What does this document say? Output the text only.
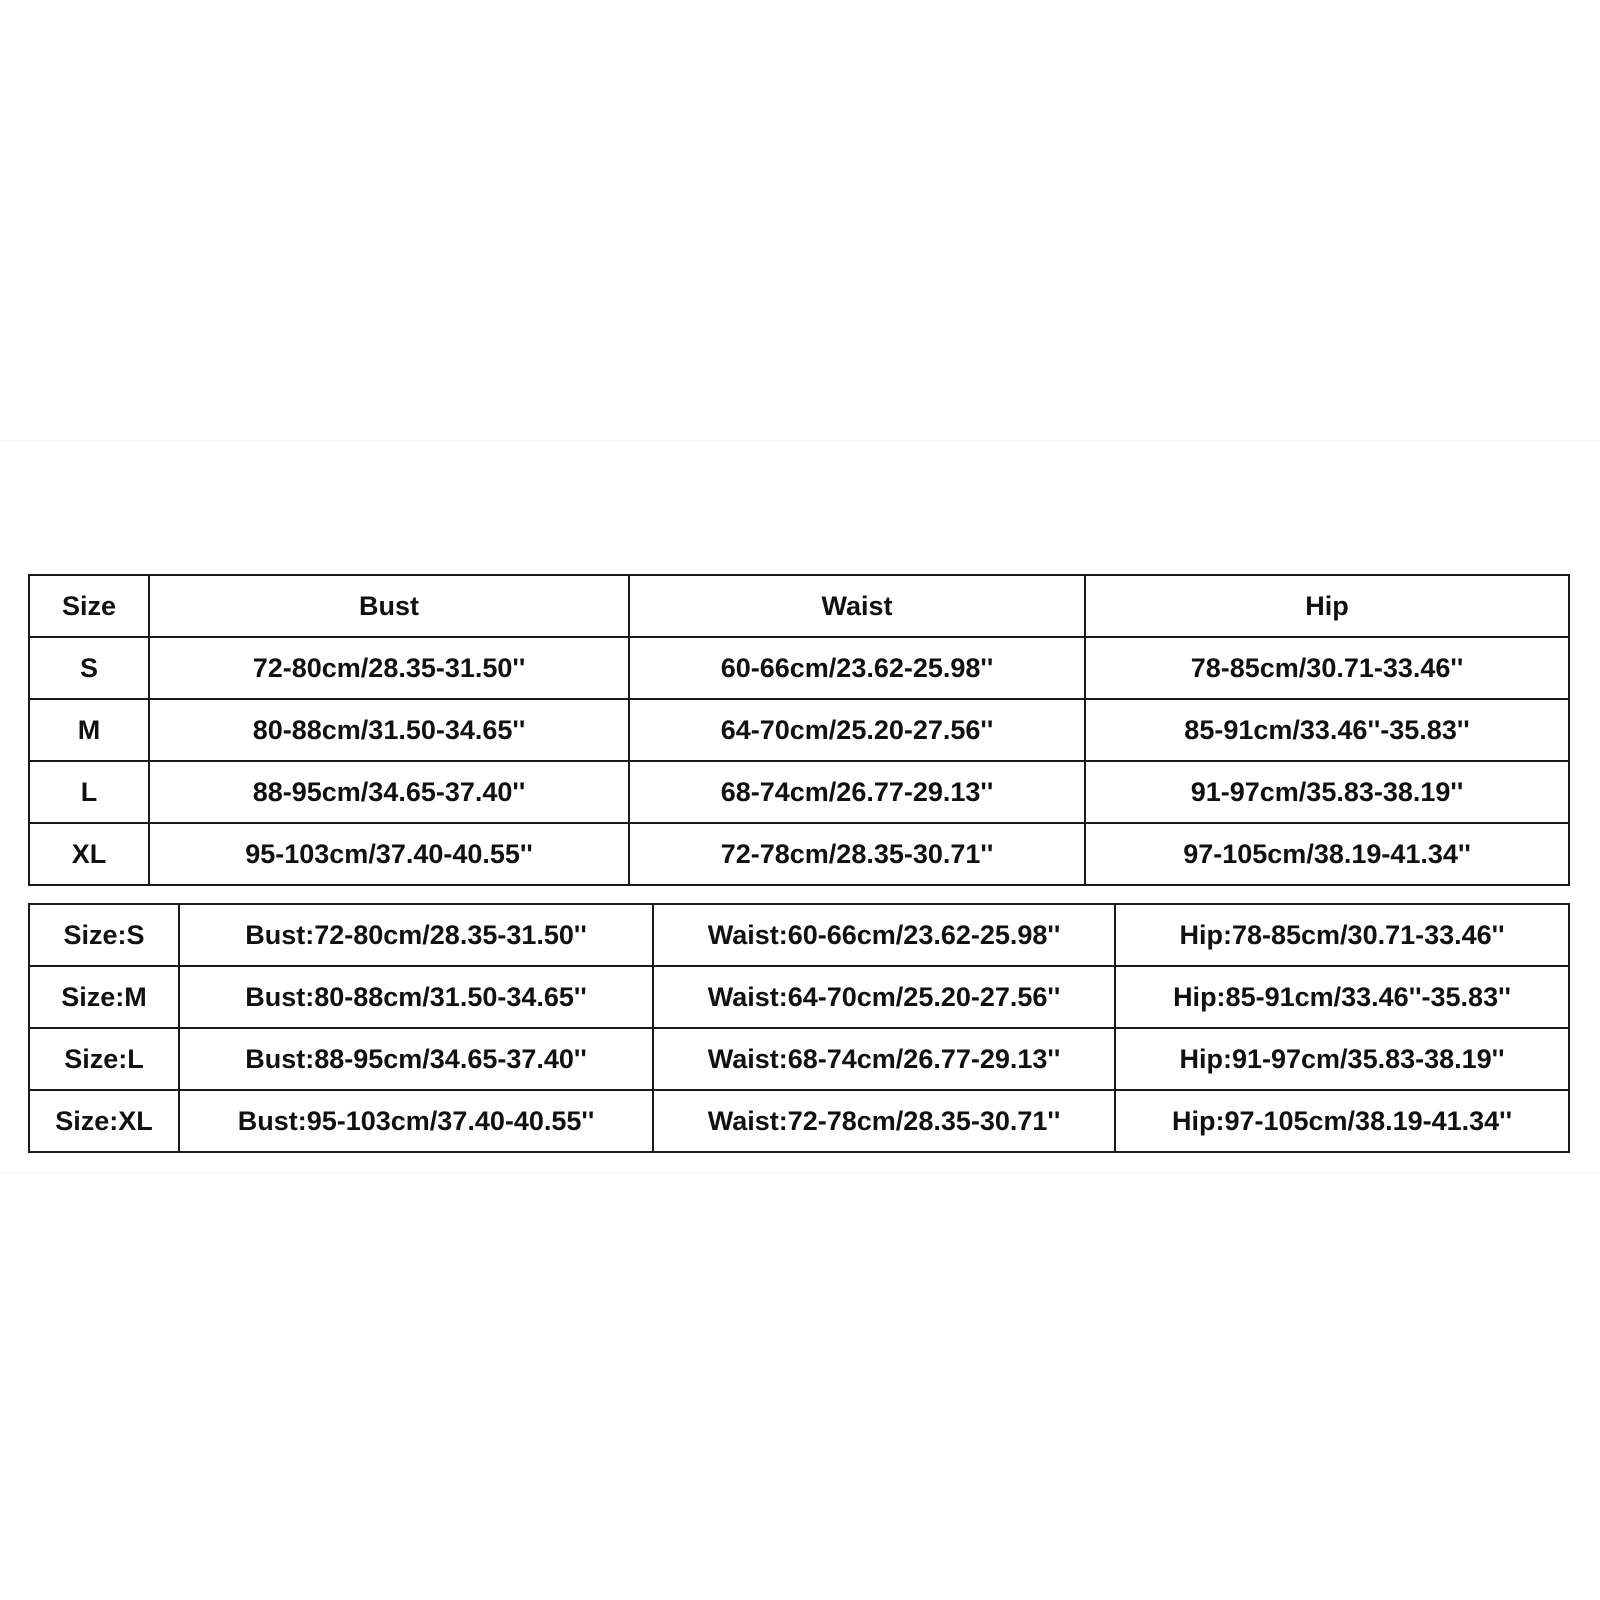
Size	Bust	Waist	Hip
S	72-80cm/28.35-31.50''	60-66cm/23.62-25.98''	78-85cm/30.71-33.46''
M	80-88cm/31.50-34.65''	64-70cm/25.20-27.56''	85-91cm/33.46''-35.83''
L	88-95cm/34.65-37.40''	68-74cm/26.77-29.13''	91-97cm/35.83-38.19''
XL	95-103cm/37.40-40.55''	72-78cm/28.35-30.71''	97-105cm/38.19-41.34''
Size:S	Bust:72-80cm/28.35-31.50''	Waist:60-66cm/23.62-25.98''	Hip:78-85cm/30.71-33.46''
Size:M	Bust:80-88cm/31.50-34.65''	Waist:64-70cm/25.20-27.56''	Hip:85-91cm/33.46''-35.83''
Size:L	Bust:88-95cm/34.65-37.40''	Waist:68-74cm/26.77-29.13''	Hip:91-97cm/35.83-38.19''
Size:XL	Bust:95-103cm/37.40-40.55''	Waist:72-78cm/28.35-30.71''	Hip:97-105cm/38.19-41.34''
